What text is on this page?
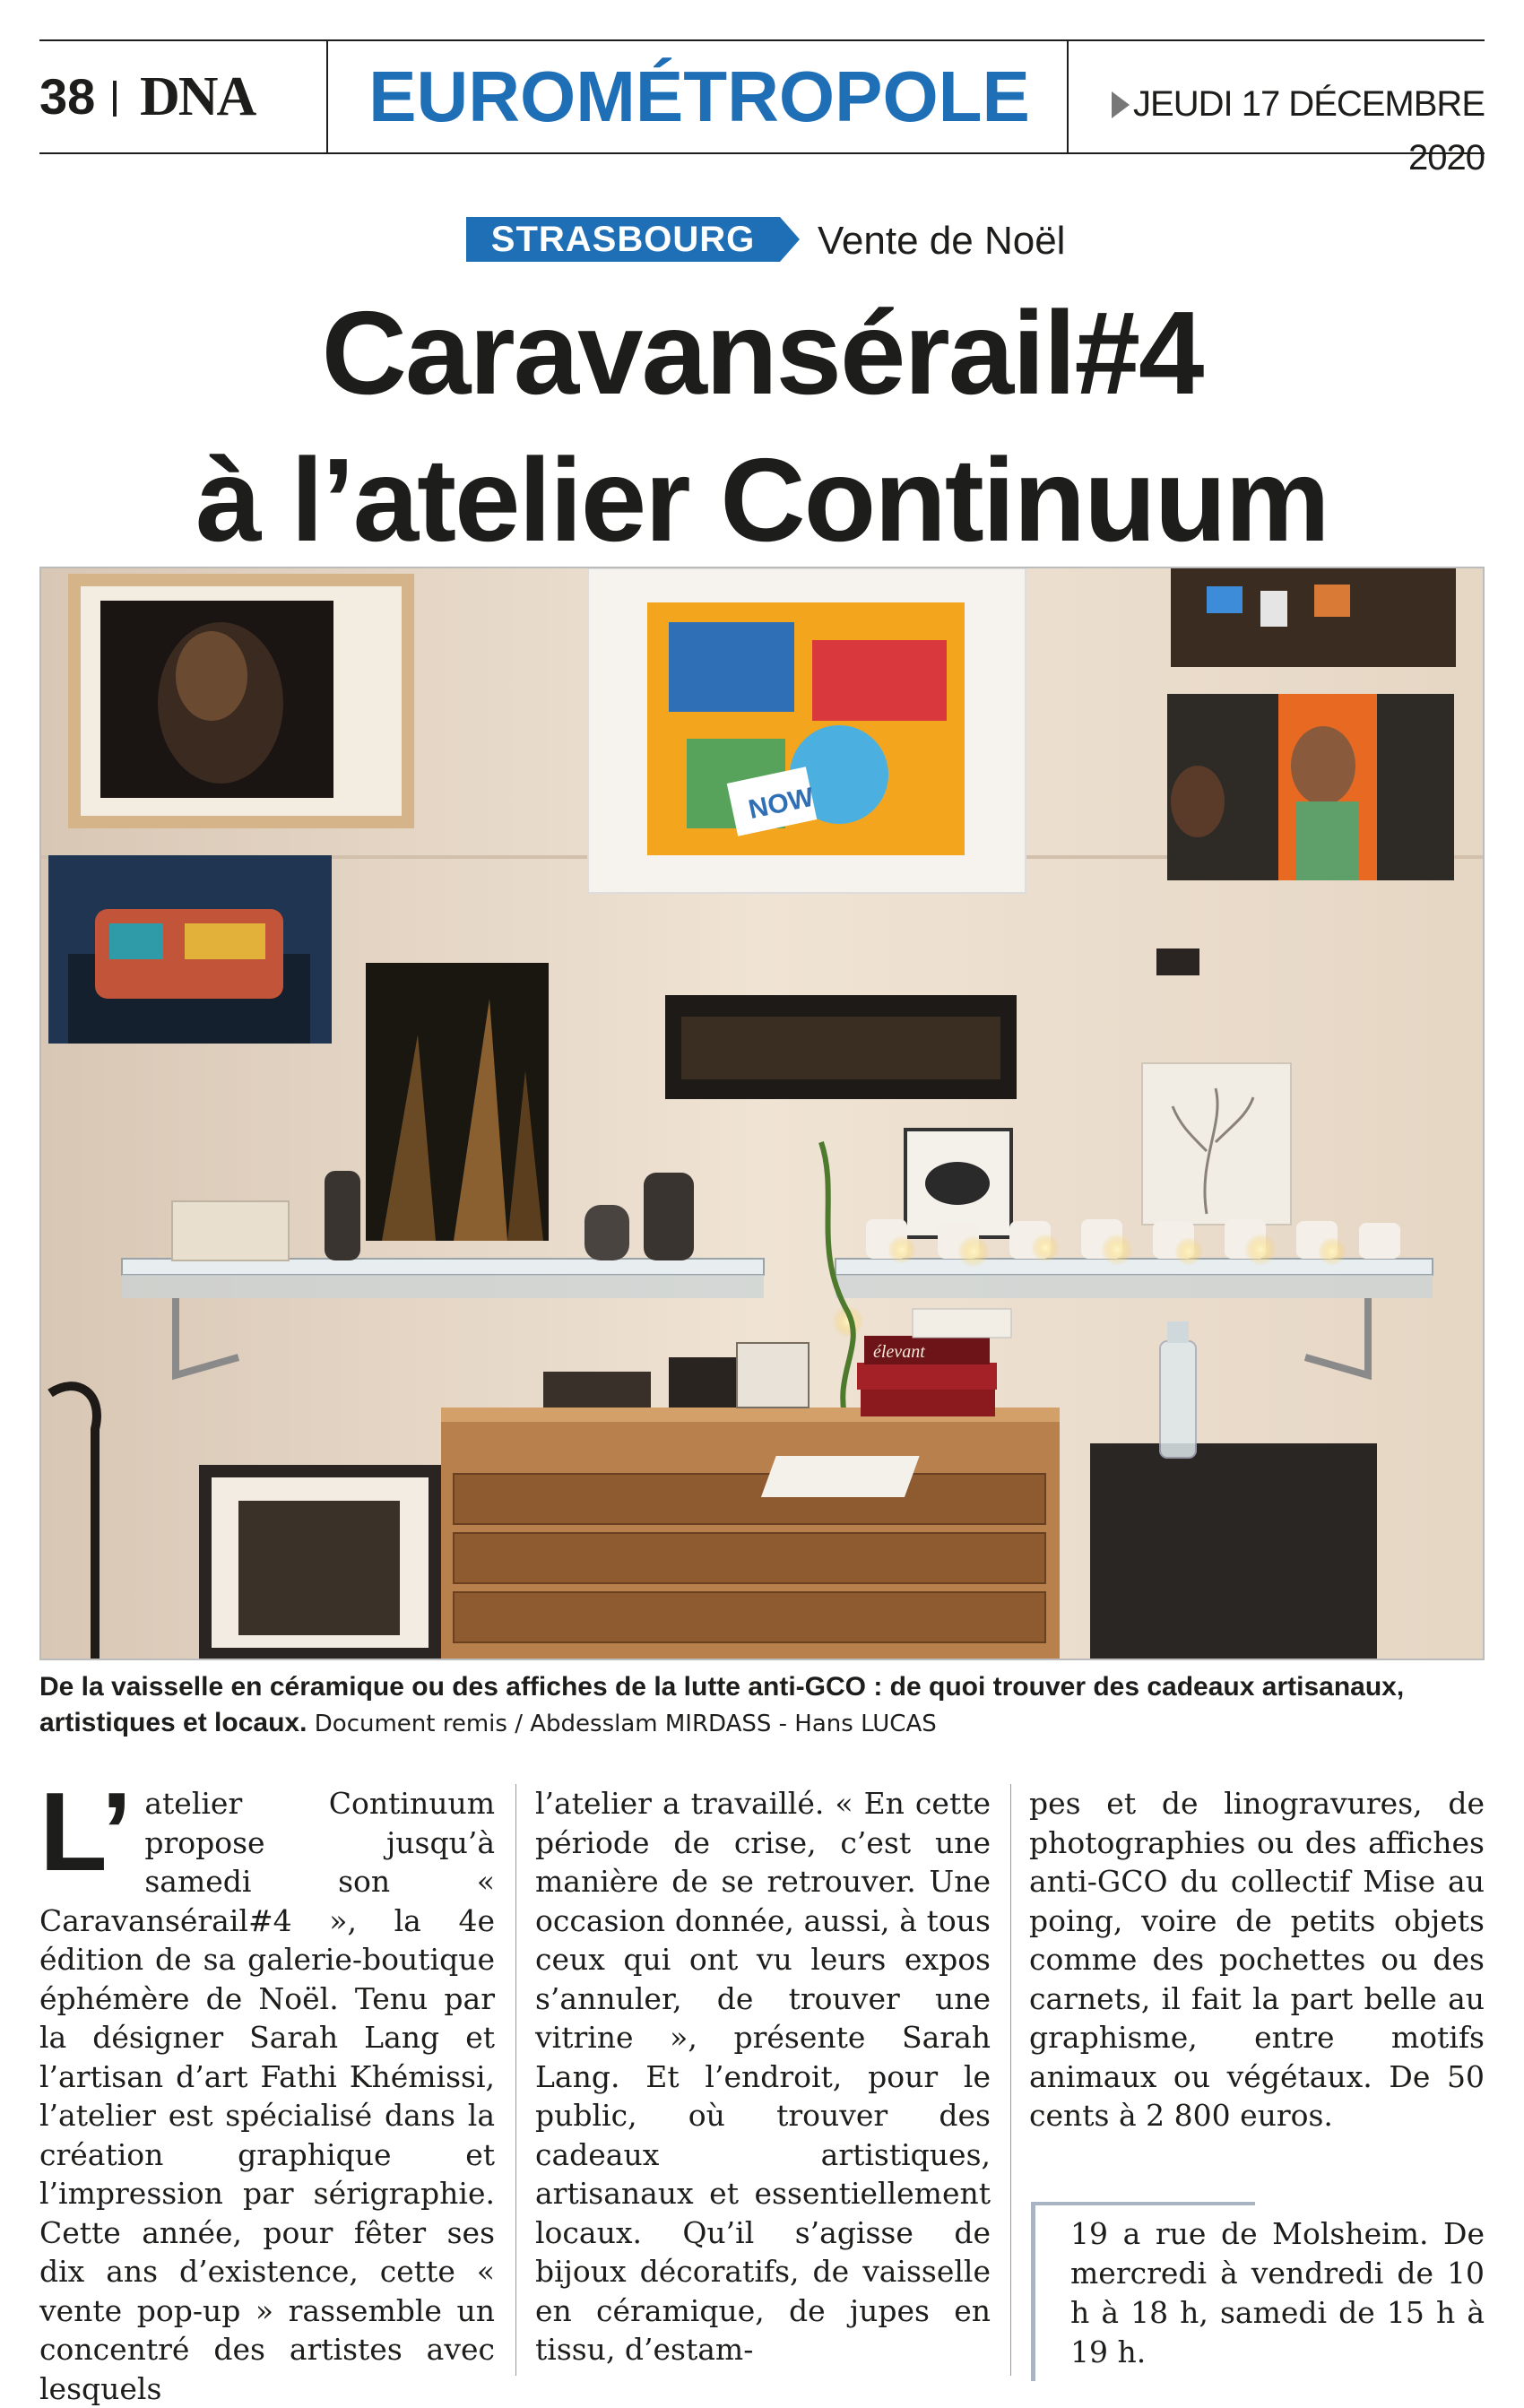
38 DNA EUROMÉTROPOLE	JEUDI 17 DÉCEMBRE 2020
STRASBOURG	Vente de Noël
Caravansérail#4
à l’atelier Continuum
NOW
élevant
De la vaisselle en céramique ou des affiches de la lutte anti-GCO : de quoi trouver des cadeaux artisanaux, artistiques et locaux. Document remis / Abdesslam MIRDASS - Hans LUCAS

L’ atelier Continuum propose jusqu’à samedi son « Caravansérail#4 », la 4e édition de sa galerie-boutique éphémère de Noël. Tenu par la désigner Sarah Lang et l’artisan d’art Fathi Khémissi, l’atelier est spécialisé dans la création graphique et l’impression par sérigraphie. Cette année, pour fêter ses dix ans d’existence, cette « vente pop-up » rassemble un concentré des artistes avec lesquels

l’atelier a travaillé. « En cette période de crise, c’est une manière de se retrouver. Une occasion donnée, aussi, à tous ceux qui ont vu leurs expos s’annuler, de trouver une vitrine », présente Sarah Lang. Et l’endroit, pour le public, où trouver des cadeaux artistiques, artisanaux et essentiellement locaux. Qu’il s’agisse de bijoux décoratifs, de vaisselle en céramique, de jupes en tissu, d’estam-

pes et de linogravures, de photographies ou des affiches anti-GCO du collectif Mise au poing, voire de petits objets comme des pochettes ou des carnets, il fait la part belle au graphisme, entre motifs animaux ou végétaux. De 50 cents à 2 800 euros.

19 a rue de Molsheim. De mercredi à vendredi de 10 h à 18 h, samedi de 15 h à 19 h.
